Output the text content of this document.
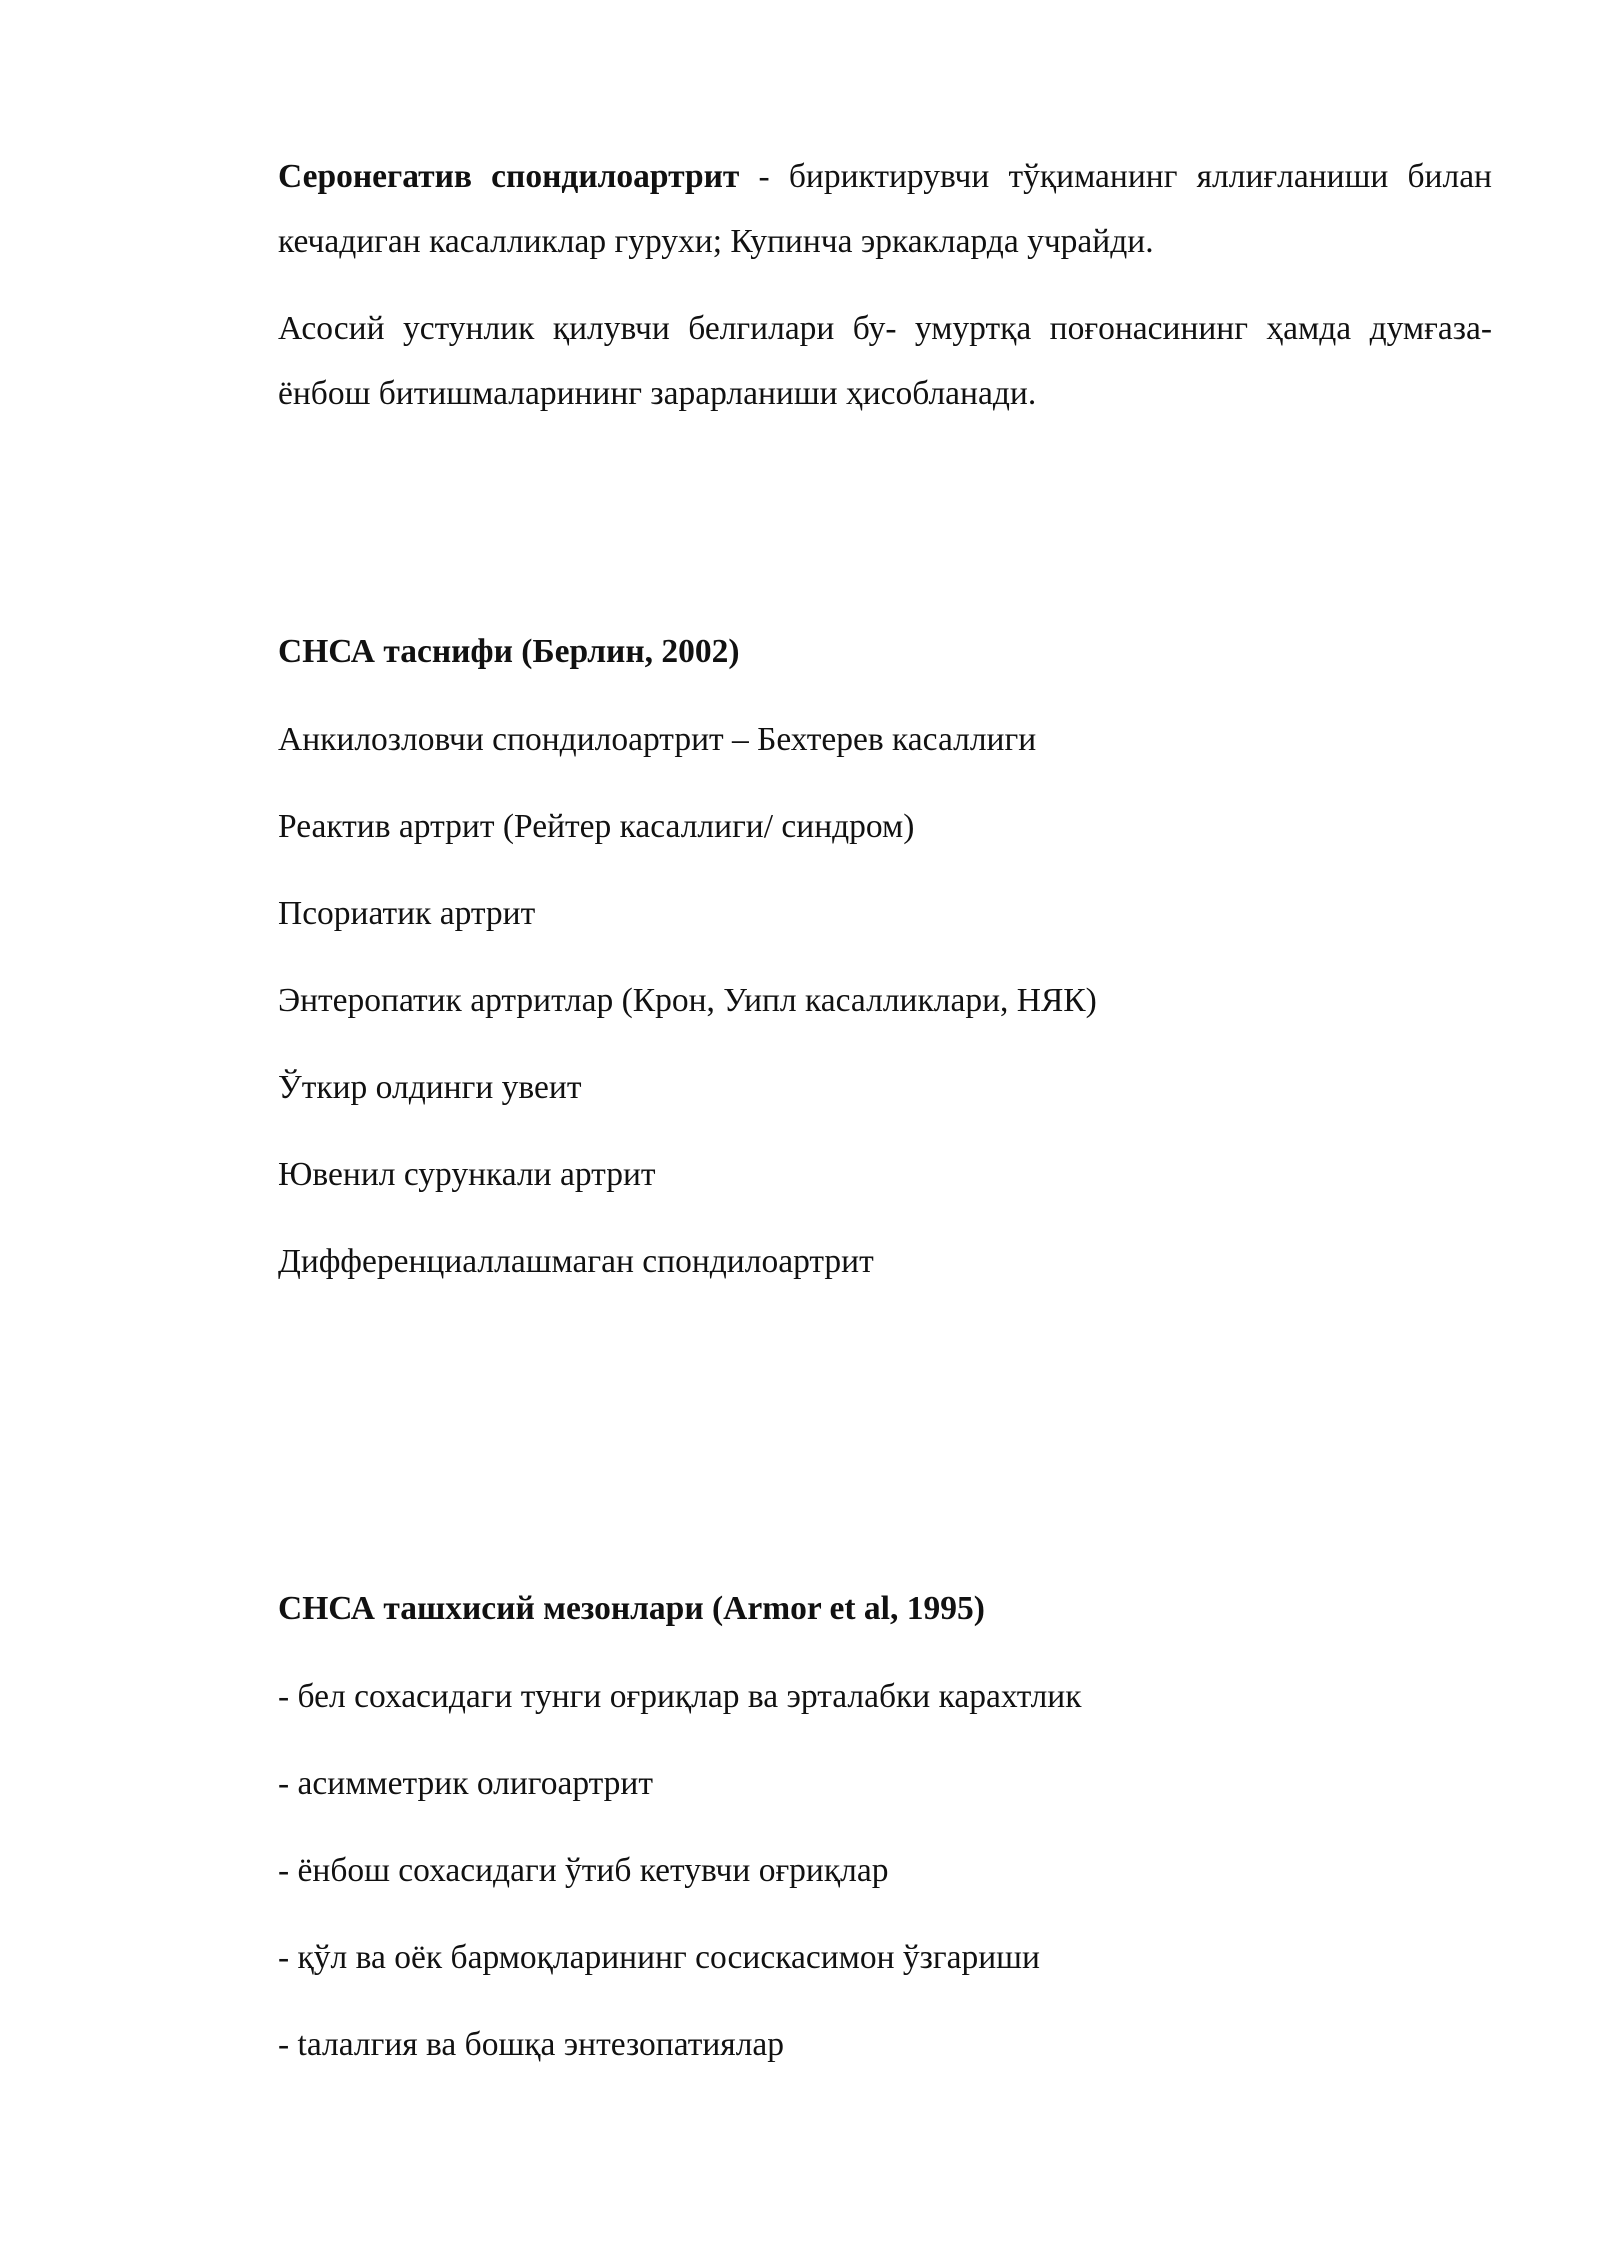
Серонегатив спондилоартрит - бириктирувчи тўқиманинг яллиғланиши билан кечадиган касалликлар гурухи; Купинча эркакларда учрайди.

Асосий устунлик қилувчи белгилари бу- умуртқа поғонасининг ҳамда думғаза-ёнбош битишмаларининг зарарланиши ҳисобланади.

СНСА таснифи (Берлин, 2002)

Анкилозловчи спондилоартрит – Бехтерев касаллиги

Реактив артрит (Рейтер касаллиги/ синдром)

Псориатик артрит

Энтеропатик артритлар (Крон, Уипл касалликлари, НЯК)

Ўткир олдинги увеит

Ювенил сурункали артрит

Дифференциаллашмаган спондилоартрит

СНСА ташхисий мезонлари (Armor et al, 1995)

- бел сохасидаги тунги оғриқлар ва эрталабки карахтлик

- асимметрик олигоартрит

- ёнбош сохасидаги ўтиб кетувчи оғриқлар

- қўл ва оёк бармоқларининг сосискасимон ўзгариши

- tалалгия ва бошқа энтезопатиялар
